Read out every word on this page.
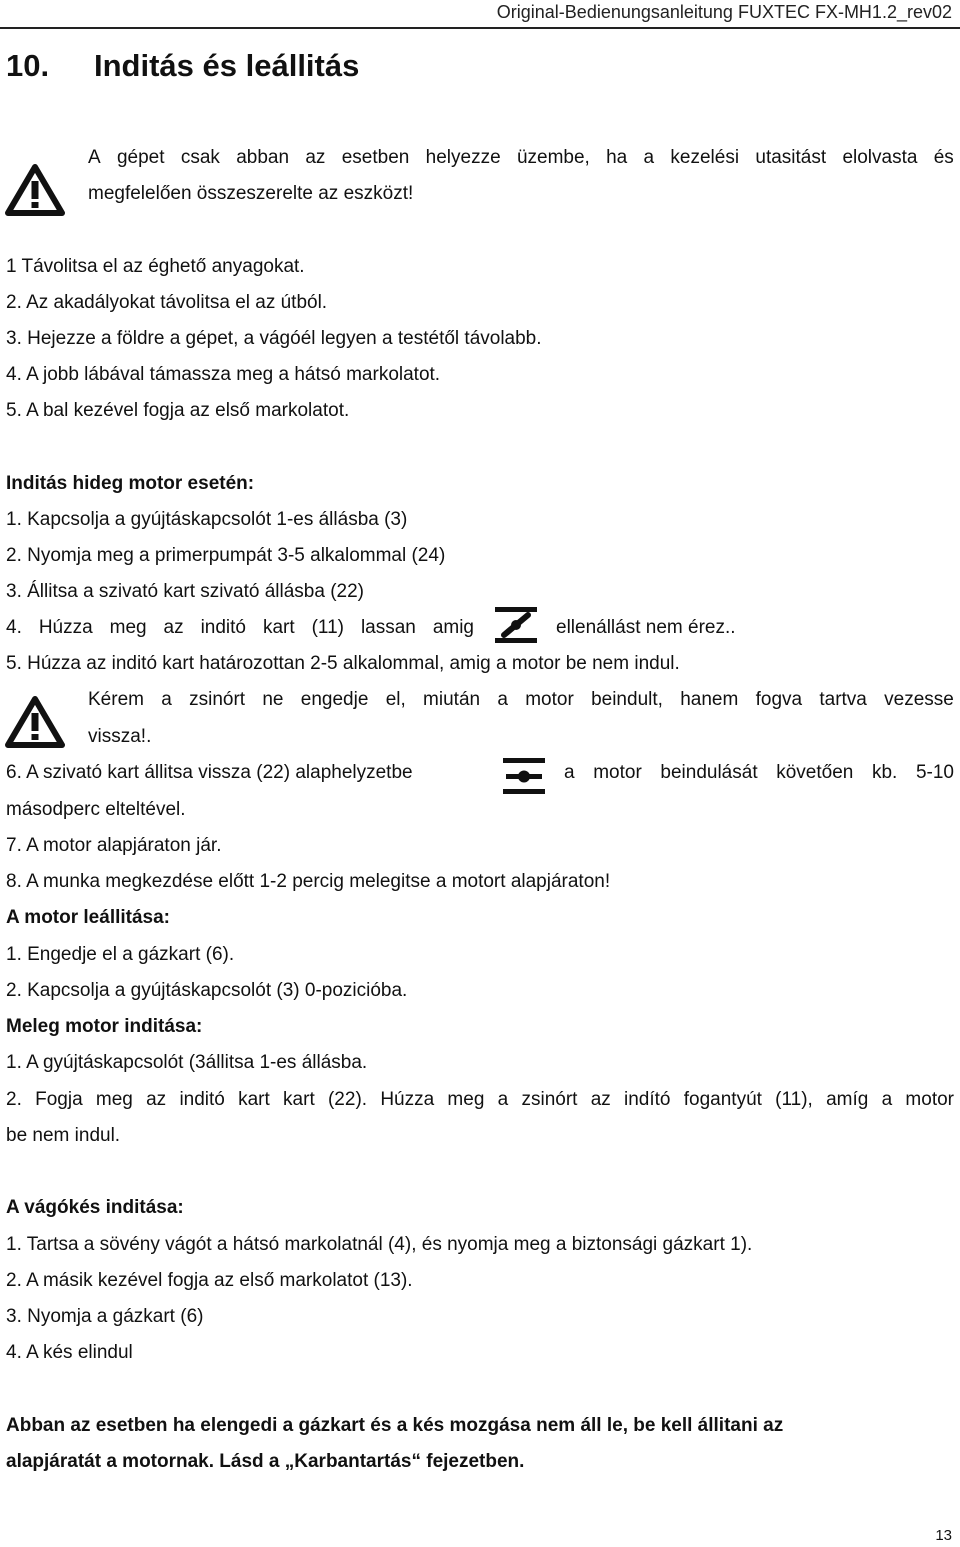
Original-Bedienungsanleitung FUXTEC FX-MH1.2_rev02
10. Inditás és leállitás
A gépet csak abban az esetben helyezze üzembe, ha a kezelési utasitást elolvasta és
megfelelően összeszerelte az eszközt!
1 Távolitsa el az éghető anyagokat.
2. Az akadályokat távolitsa el az útból.
3. Hejezze a földre a gépet, a vágóél legyen a testétől távolabb.
4. A jobb lábával támassza meg a hátsó markolatot.
5. A bal kezével fogja az első markolatot.
Inditás hideg motor esetén:
1. Kapcsolja a gyújtáskapcsolót 1-es állásba (3)
2. Nyomja meg a primerpumpát 3-5 alkalommal (24)
3. Állitsa a szivató kart szivató állásba (22)
4. Húzza meg az inditó kart (11) lassan amig	ellenállást nem érez..
5. Húzza az inditó kart határozottan 2-5 alkalommal, amig a motor be nem indul.
Kérem a zsinórt ne engedje el, miután a motor beindult, hanem fogva tartva vezesse
vissza!.
6. A szivató kart állitsa vissza (22) alaphelyzetbe	a motor beindulását követően kb. 5-10
másodperc elteltével.
7. A motor alapjáraton jár.
8. A munka megkezdése előtt 1-2 percig melegitse a motort alapjáraton!
A motor leállitása:
1. Engedje el a gázkart (6).
2. Kapcsolja a gyújtáskapcsolót (3) 0-pozicióba.
Meleg motor inditása:
1. A gyújtáskapcsolót (3állitsa 1-es állásba.
2. Fogja meg az inditó kart kart (22). Húzza meg a zsinórt az indító fogantyút (11), amíg a motor
be nem indul.
A vágókés inditása:
1. Tartsa a sövény vágót a hátsó markolatnál (4), és nyomja meg a biztonsági gázkart 1).
2. A másik kezével fogja az első markolatot (13).
3. Nyomja a gázkart (6)
4. A kés elindul
Abban az esetben ha elengedi a gázkart és a kés mozgása nem áll le, be kell állitani az
alapjáratát a motornak. Lásd a „Karbantartás“ fejezetben.
13
